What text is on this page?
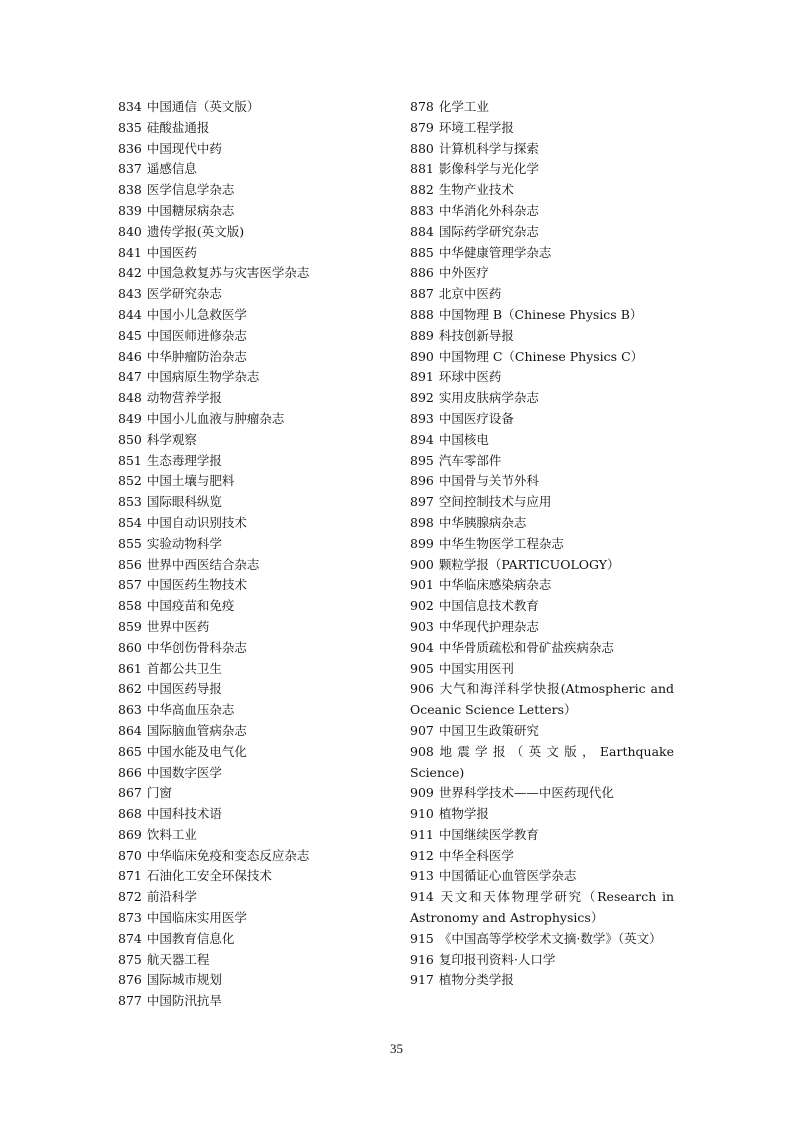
834 中国通信（英文版）
835 硅酸盐通报
836 中国现代中药
837 遥感信息
838 医学信息学杂志
839 中国糖尿病杂志
840 遗传学报(英文版)
841 中国医药
842 中国急救复苏与灾害医学杂志
843 医学研究杂志
844 中国小儿急救医学
845 中国医师进修杂志
846 中华肿瘤防治杂志
847 中国病原生物学杂志
848 动物营养学报
849 中国小儿血液与肿瘤杂志
850 科学观察
851 生态毒理学报
852 中国土壤与肥料
853 国际眼科纵览
854 中国自动识别技术
855 实验动物科学
856 世界中西医结合杂志
857 中国医药生物技术
858 中国疫苗和免疫
859 世界中医药
860 中华创伤骨科杂志
861 首都公共卫生
862 中国医药导报
863 中华高血压杂志
864 国际脑血管病杂志
865 中国水能及电气化
866 中国数字医学
867 门窗
868 中国科技术语
869 饮料工业
870 中华临床免疫和变态反应杂志
871 石油化工安全环保技术
872 前沿科学
873 中国临床实用医学
874 中国教育信息化
875 航天器工程
876 国际城市规划
877 中国防汛抗旱
878 化学工业
879 环境工程学报
880 计算机科学与探索
881 影像科学与光化学
882 生物产业技术
883 中华消化外科杂志
884 国际药学研究杂志
885 中华健康管理学杂志
886 中外医疗
887 北京中医药
888 中国物理 B（Chinese Physics B）
889 科技创新导报
890 中国物理 C（Chinese Physics C）
891 环球中医药
892 实用皮肤病学杂志
893 中国医疗设备
894 中国核电
895 汽车零部件
896 中国骨与关节外科
897 空间控制技术与应用
898 中华胰腺病杂志
899 中华生物医学工程杂志
900 颗粒学报（PARTICUOLOGY）
901 中华临床感染病杂志
902 中国信息技术教育
903 中华现代护理杂志
904 中华骨质疏松和骨矿盐疾病杂志
905 中国实用医刊
906 大气和海洋科学快报(Atmospheric and Oceanic Science Letters）
907 中国卫生政策研究
908 地 震 学 报 （ 英 文 版 ， Earthquake Science)
909 世界科学技术——中医药现代化
910 植物学报
911 中国继续医学教育
912 中华全科医学
913 中国循证心血管医学杂志
914 天文和天体物理学研究（Research in Astronomy and Astrophysics）
915 《中国高等学校学术文摘·数学》（英文）
916 复印报刊资料·人口学
917 植物分类学报
35
